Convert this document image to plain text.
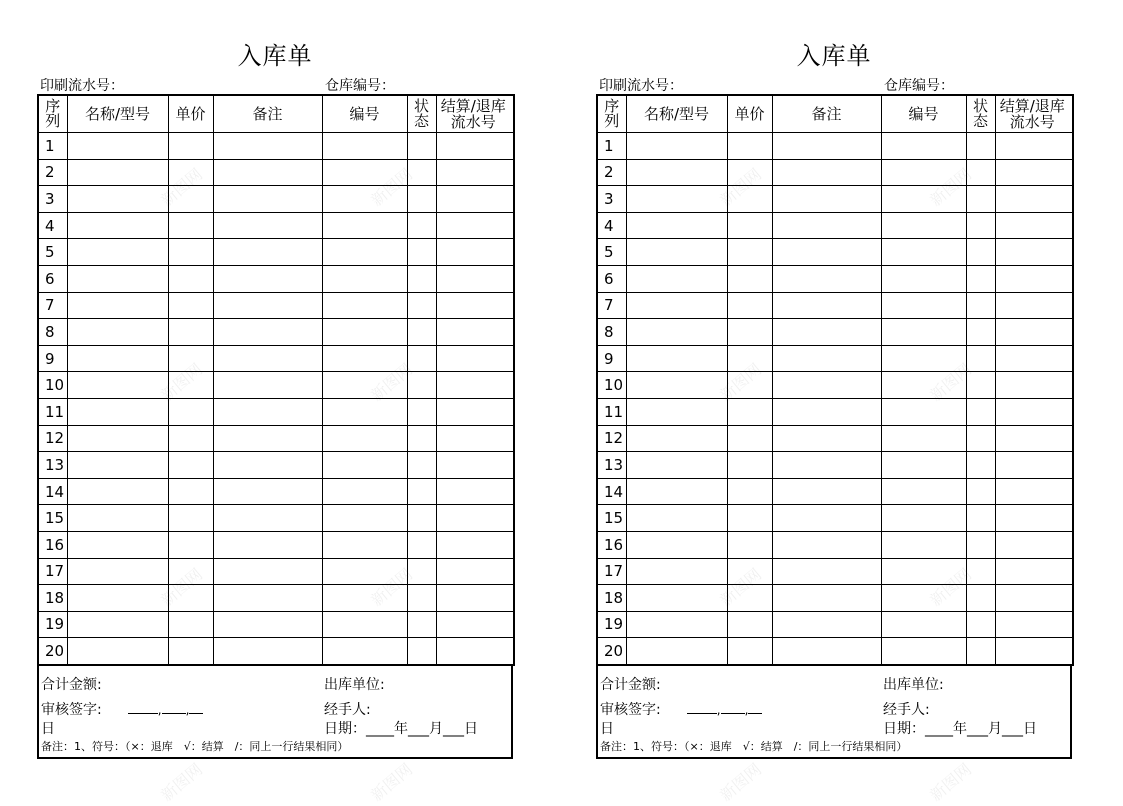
入库单
印刷流水号：	仓库编号：
序列	名称/型号	单价	备注	编号	状态	结算/退库
流水号

1						
2						
3						
4						
5						
6						
7						
8						
9						
10						
11						
12						
13						
14						
15						
16						
17						
18						
19						
20						
合计金额:	出库单位:
审核签字:　	, ,	经手人:
日	日期：____年___月___日
备注：1、符号：（×：退库　√：结算　/：同上一行结果相同）
新图网	新图网
新图网	新图网
新图网	新图网
新图网	新图网
入库单
印刷流水号：	仓库编号：
序列	名称/型号	单价	备注	编号	状态	结算/退库
流水号

1						
2						
3						
4						
5						
6						
7						
8						
9						
10						
11						
12						
13						
14						
15						
16						
17						
18						
19						
20						
合计金额:	出库单位:
审核签字:　	, ,	经手人:
日	日期：____年___月___日
备注：1、符号：（×：退库　√：结算　/：同上一行结果相同）
新图网	新图网
新图网	新图网
新图网	新图网
新图网	新图网
